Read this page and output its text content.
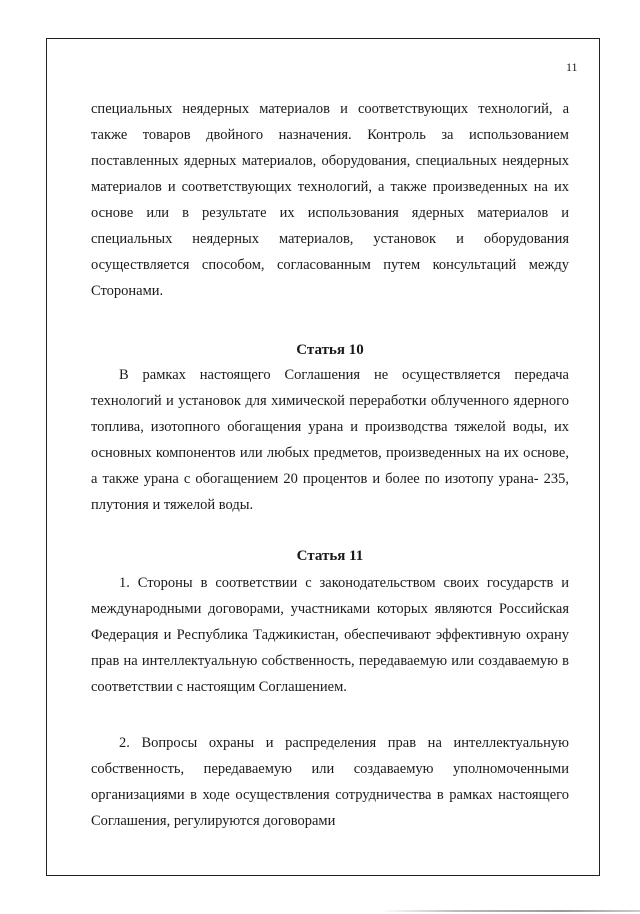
11

специальных неядерных материалов и соответствующих технологий, а также товаров двойного назначения. Контроль за использованием поставленных ядерных материалов, оборудования, специальных неядерных материалов и соответствующих технологий, а также произведенных на их основе или в результате их использования ядерных материалов и специальных неядерных материалов, установок и оборудования осуществляется способом, согласованным путем консультаций между Сторонами.

Статья 10

В рамках настоящего Соглашения не осуществляется передача технологий и установок для химической переработки облученного ядерного топлива, изотопного обогащения урана и производства тяжелой воды, их основных компонентов или любых предметов, произведенных на их основе, а также урана с обогащением 20 процентов и более по изотопу урана- 235, плутония и тяжелой воды.

Статья 11

1. Стороны в соответствии с законодательством своих государств и международными договорами, участниками которых являются Российская Федерация и Республика Таджикистан, обеспечивают эффективную охрану прав на интеллектуальную собственность, передаваемую или создаваемую в соответствии с настоящим Соглашением.

2. Вопросы охраны и распределения прав на интеллектуальную собственность, передаваемую или создаваемую уполномоченными организациями в ходе осуществления сотрудничества в рамках настоящего Соглашения, регулируются договорами
